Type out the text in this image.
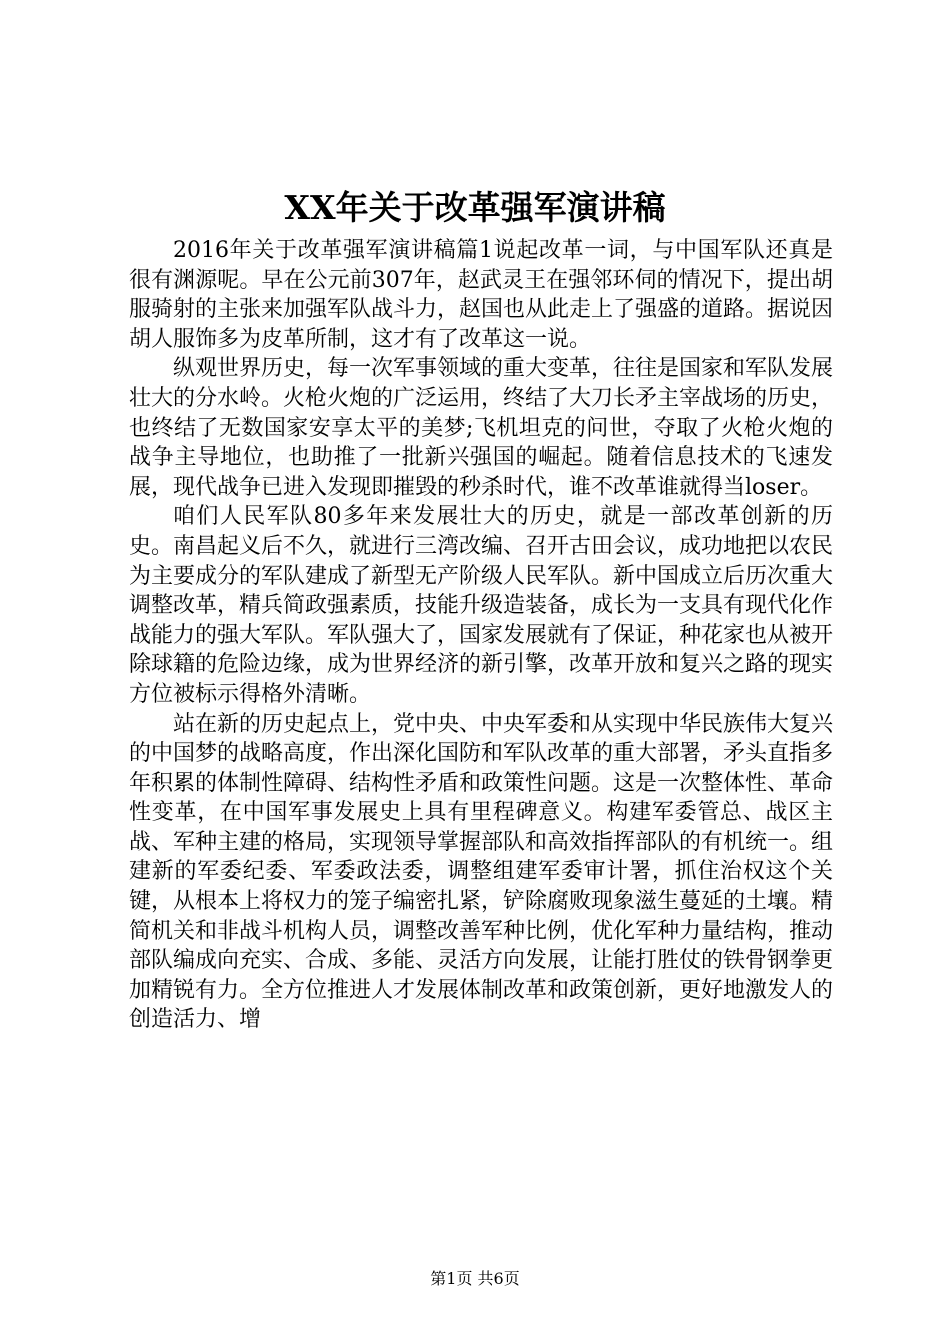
XX年关于改革强军演讲稿

2016年关于改革强军演讲稿篇1说起改革一词，与中国军队还真是很有渊源呢。早在公元前307年，赵武灵王在强邻环伺的情况下，提出胡服骑射的主张来加强军队战斗力，赵国也从此走上了强盛的道路。据说因胡人服饰多为皮革所制，这才有了改革这一说。

纵观世界历史，每一次军事领域的重大变革，往往是国家和军队发展壮大的分水岭。火枪火炮的广泛运用，终结了大刀长矛主宰战场的历史，也终结了无数国家安享太平的美梦;飞机坦克的问世，夺取了火枪火炮的战争主导地位，也助推了一批新兴强国的崛起。随着信息技术的飞速发展，现代战争已进入发现即摧毁的秒杀时代，谁不改革谁就得当loser。

咱们人民军队80多年来发展壮大的历史，就是一部改革创新的历史。南昌起义后不久，就进行三湾改编、召开古田会议，成功地把以农民为主要成分的军队建成了新型无产阶级人民军队。新中国成立后历次重大调整改革，精兵简政强素质，技能升级造装备，成长为一支具有现代化作战能力的强大军队。军队强大了，国家发展就有了保证，种花家也从被开除球籍的危险边缘，成为世界经济的新引擎，改革开放和复兴之路的现实方位被标示得格外清晰。

站在新的历史起点上，党中央、中央军委和从实现中华民族伟大复兴的中国梦的战略高度，作出深化国防和军队改革的重大部署，矛头直指多年积累的体制性障碍、结构性矛盾和政策性问题。这是一次整体性、革命性变革，在中国军事发展史上具有里程碑意义。构建军委管总、战区主战、军种主建的格局，实现领导掌握部队和高效指挥部队的有机统一。组建新的军委纪委、军委政法委，调整组建军委审计署，抓住治权这个关键，从根本上将权力的笼子编密扎紧，铲除腐败现象滋生蔓延的土壤。精简机关和非战斗机构人员，调整改善军种比例，优化军种力量结构，推动部队编成向充实、合成、多能、灵活方向发展，让能打胜仗的铁骨钢拳更加精锐有力。全方位推进人才发展体制改革和政策创新，更好地激发人的创造活力、增

第1页 共6页
